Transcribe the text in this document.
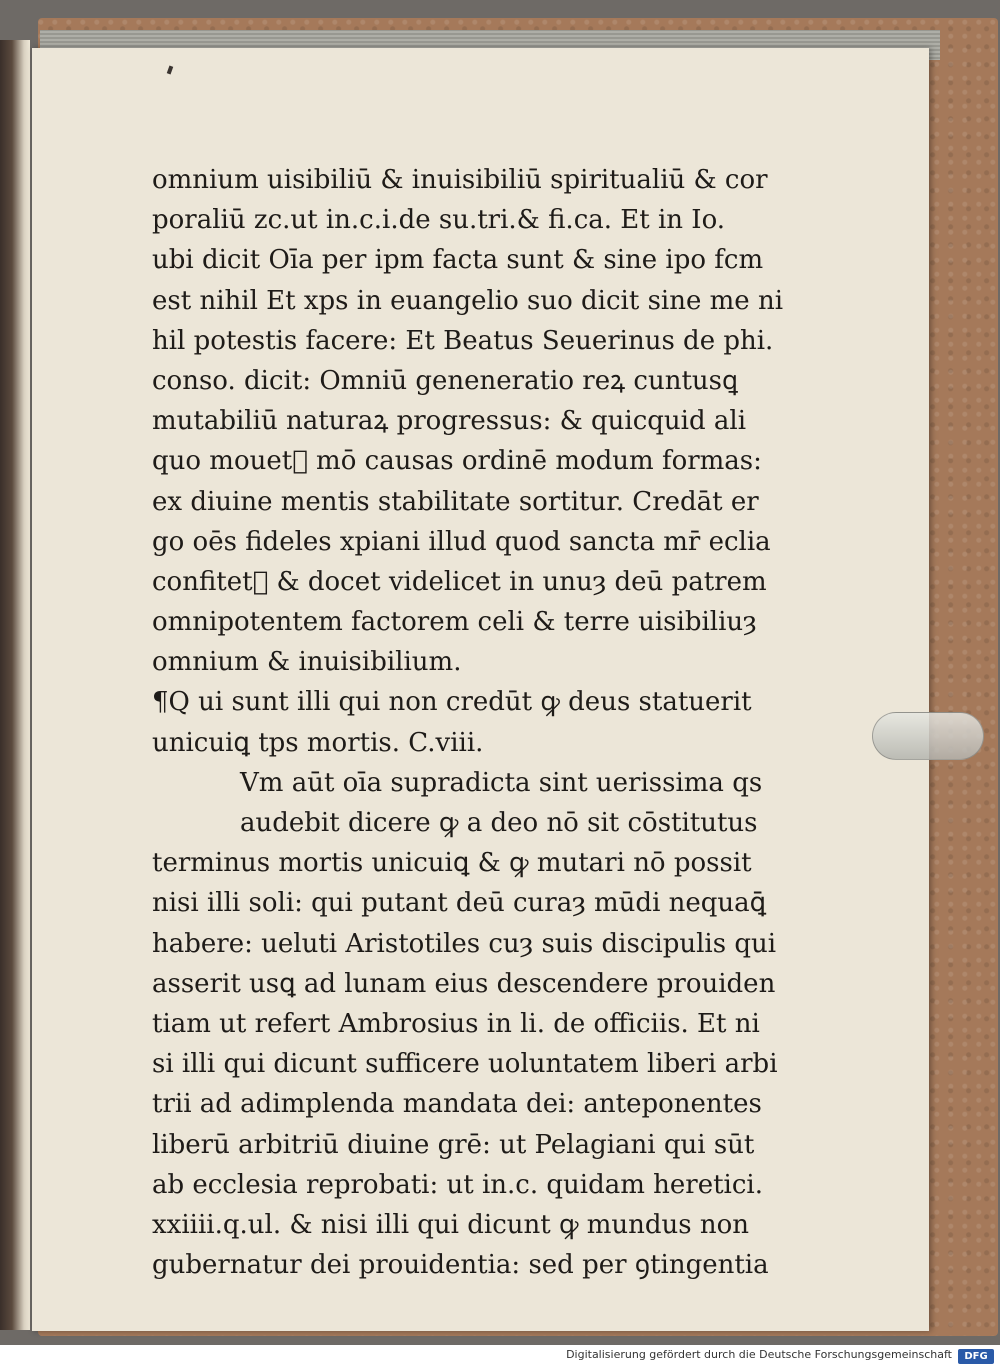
omnium uisibiliū & inuisibiliū spiritualiū & cor
poraliū zc.ut in.c.i.de su.tri.& fi.ca. Et in Io.
ubi dicit Oīa per ipm facta sunt & sine ipo fcm
est nihil Et xps in euangelio suo dicit sine me ni
hil potestis facere: Et Beatus Seuerinus de phi.
conso. dicit: Omniū geneneratio reꝝ cuntusꝗ
mutabiliū naturaꝝ progressus: & quicquid ali
quo mouetᷣ mō causas ordinē modum formas:
ex diuine mentis stabilitate sortitur. Credāt er
go oēs fideles xpiani illud quod sancta mr̄ eclia
confitetᷣ & docet videlicet in unuȝ deū patrem
omnipotentem factorem celi & terre uisibiliuȝ
omnium & inuisibilium.
¶Q ui sunt illi qui non credūt ꝙ deus statuerit
unicuiꝗ tps mortis. C.viii.
Vm aūt oīa supradicta sint uerissima qs
audebit dicere ꝙ a deo nō sit cōstitutus
terminus mortis unicuiꝗ & ꝙ mutari nō possit
nisi illi soli: qui putant deū curaȝ mūdi nequaꝗ̄
habere: ueluti Aristotiles cuȝ suis discipulis qui
asserit usꝗ ad lunam eius descendere prouiden
tiam ut refert Ambrosius in li. de officiis. Et ni
si illi qui dicunt sufficere uoluntatem liberi arbi
trii ad adimplenda mandata dei: anteponentes
liberū arbitriū diuine grē: ut Pelagiani qui sūt
ab ecclesia reprobati: ut in.c. quidam heretici.
xxiiii.q.ul. & nisi illi qui dicunt ꝙ mundus non
gubernatur dei prouidentia: sed per ꝯtingentia
Digitalisierung gefördert durch die Deutsche Forschungsgemeinschaft	DFG
